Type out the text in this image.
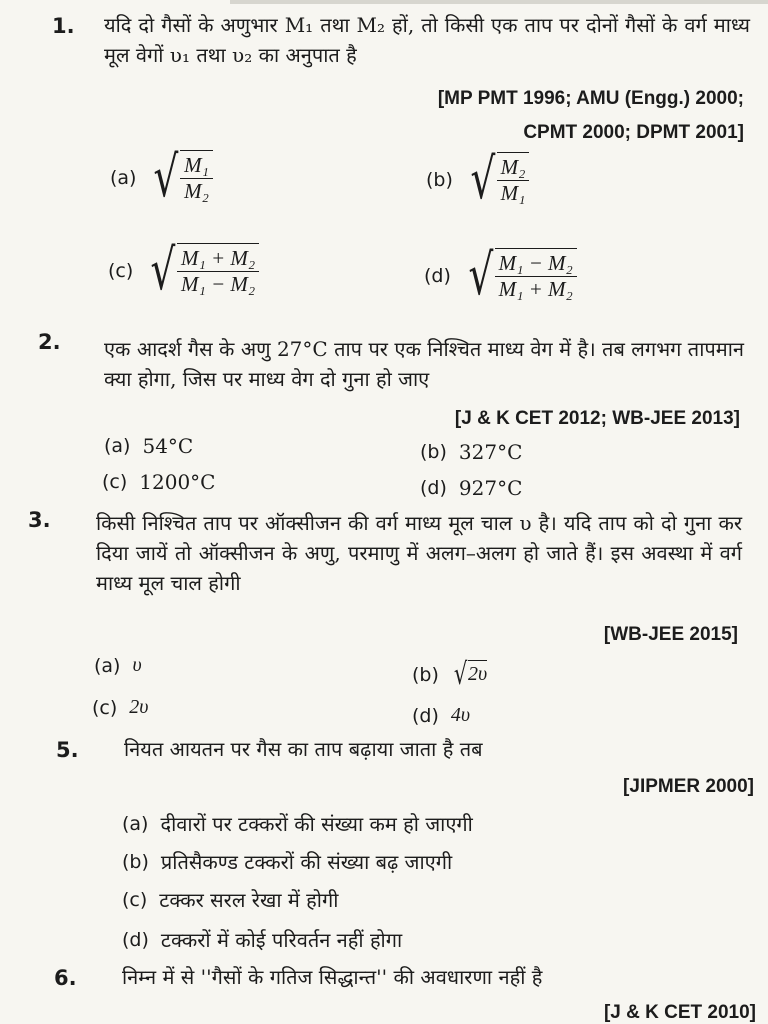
1. यदि दो गैसों के अणुभार M₁ तथा M₂ हों, तो किसी एक ताप पर दोनों गैसों के वर्ग माध्य मूल वेगों υ₁ तथा υ₂ का अनुपात है
[MP PMT 1996; AMU (Engg.) 2000;
CPMT 2000; DPMT 2001]
(a) √ $\frac{\text{M₁}}{\text{M₂}}$	(b) √ $\frac{\text{M₂}}{\text{M₁}}$
(c) √ $\frac{\text{M₁ + M₂}}{\text{M₁ − M₂}}$	(d) √ $\frac{\text{M₁ − M₂}}{\text{M₁ + M₂}}$
2. एक आदर्श गैस के अणु 27°C ताप पर एक निश्चित माध्य वेग में है। तब लगभग तापमान क्या होगा, जिस पर माध्य वेग दो गुना हो जाए
[J & K CET 2012; WB-JEE 2013]
(a) 54°C	(b) 327°C
(c) 1200°C	(d) 927°C
3. किसी निश्चित ताप पर ऑक्सीजन की वर्ग माध्य मूल चाल υ है। यदि ताप को दो गुना कर दिया जायें तो ऑक्सीजन के अणु, परमाणु में अलग–अलग हो जाते हैं। इस अवस्था में वर्ग माध्य मूल चाल होगी
[WB-JEE 2015]
(a) υ	(b) √ 2υ
(c) 2υ	(d) 4υ
5. नियत आयतन पर गैस का ताप बढ़ाया जाता है तब
[JIPMER 2000]
(a) दीवारों पर टक्करों की संख्या कम हो जाएगी
(b) प्रतिसैकण्ड टक्करों की संख्या बढ़ जाएगी
(c) टक्कर सरल रेखा में होगी
(d) टक्करों में कोई परिवर्तन नहीं होगा
6. निम्न में से ''गैसों के गतिज सिद्धान्त'' की अवधारणा नहीं है
[J & K CET 2010]
